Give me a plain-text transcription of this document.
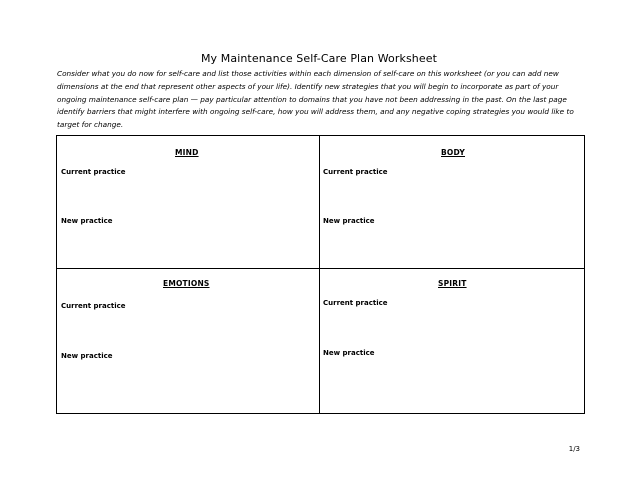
My Maintenance Self-Care Plan Worksheet
Consider what you do now for self-care and list those activities within each dimension of self-care on this worksheet (or you can add new dimensions at the end that represent other aspects of your life). Identify new strategies that you will begin to incorporate as part of your ongoing maintenance self-care plan — pay particular attention to domains that you have not been addressing in the past. On the last page identify barriers that might interfere with ongoing self-care, how you will address them, and any negative coping strategies you would like to target for change.
MIND
Current practice
New practice
BODY
Current practice
New practice
EMOTIONS
Current practice
New practice
SPIRIT
Current practice
New practice
1/3
